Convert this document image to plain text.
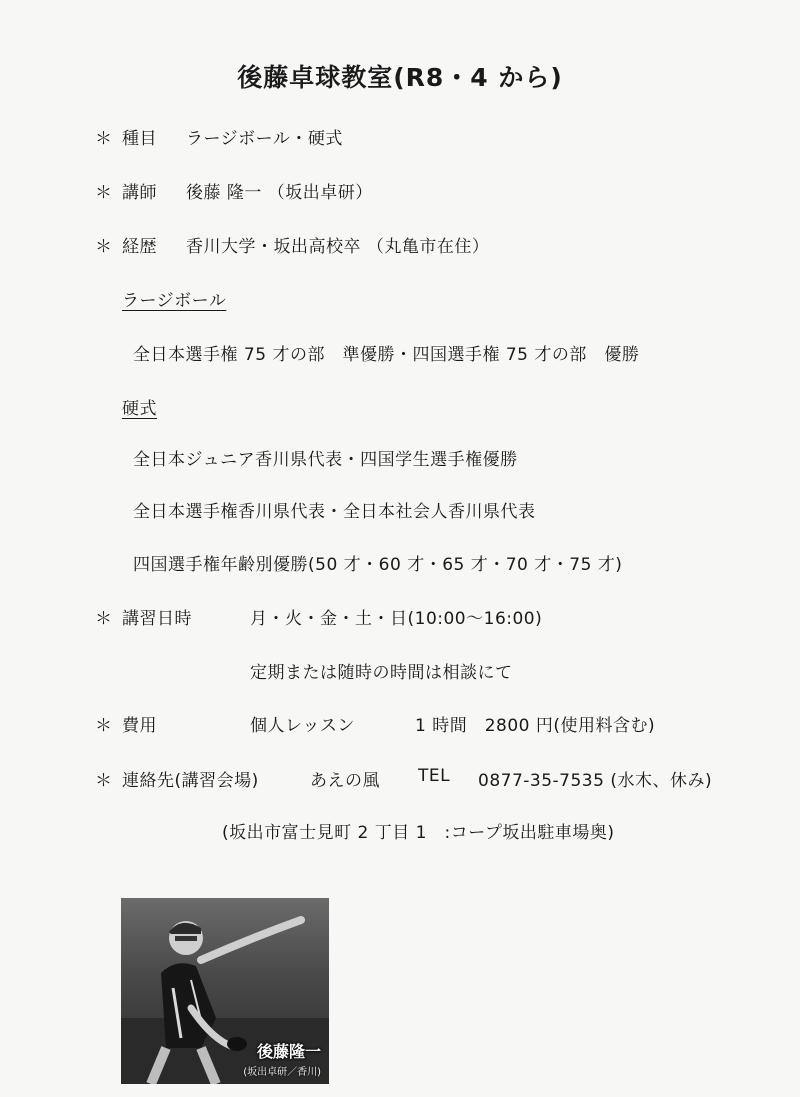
後藤卓球教室(R8・4 から)
＊ 種目 ラージボール・硬式
＊ 講師 後藤 隆一 （坂出卓研）
＊ 経歴 香川大学・坂出高校卒 （丸亀市在住）
ラージボール
全日本選手権 75 才の部　準優勝・四国選手権 75 才の部　優勝
硬式
全日本ジュニア香川県代表・四国学生選手権優勝
全日本選手権香川県代表・全日本社会人香川県代表
四国選手権年齢別優勝(50 才・60 才・65 才・70 才・75 才)
＊ 講習日時	月・火・金・土・日(10:00〜16:00)
定期または随時の時間は相談にて
＊ 費用	個人レッスン	1 時間　2800 円(使用料含む)
＊ 連絡先(講習会場)	あえの風 TEL 0877-35-7535 (水木、休み)
(坂出市富士見町 2 丁目 1　:コープ坂出駐車場奥)
後藤隆一
(坂出卓研／香川)
